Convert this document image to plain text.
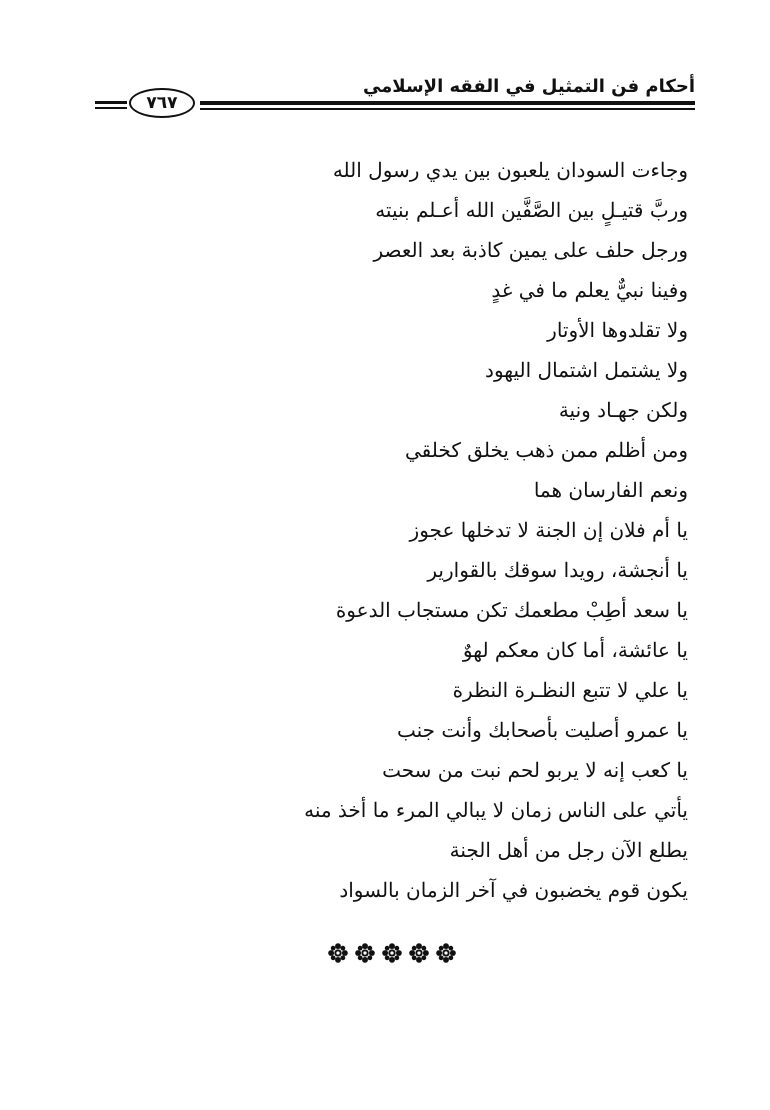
أحكام فن التمثيل في الفقه الإسلامي
٧٦٧
وجاءت السودان يلعبون بين يدي رسول الله
وربَّ قتيـلٍ بين الصَّفَّين الله أعـلم بنيته
ورجل حلف على يمين كاذبة بعد العصر
وفينا نبيٌّ يعلم ما في غدٍ
ولا تقلدوها الأوتار
ولا يشتمل اشتمال اليهود
ولكن جهـاد ونية
ومن أظلم ممن ذهب يخلق كخلقي
ونعم الفارسان هما
يا أم فلان إن الجنة لا تدخلها عجوز
يا أنجشة، رويدا سوقك بالقوارير
يا سعد أطِبْ مطعمك تكن مستجاب الدعوة
يا عائشة، أما كان معكم لهوٌ
يا علي لا تتبع النظـرة النظرة
يا عمرو أصليت بأصحابك وأنت جنب
يا كعب إنه لا يربو لحم نبت من سحت
يأتي على الناس زمان لا يبالي المرء ما أخذ منه
يطلع الآن رجل من أهل الجنة
يكون قوم يخضبون في آخر الزمان بالسواد
